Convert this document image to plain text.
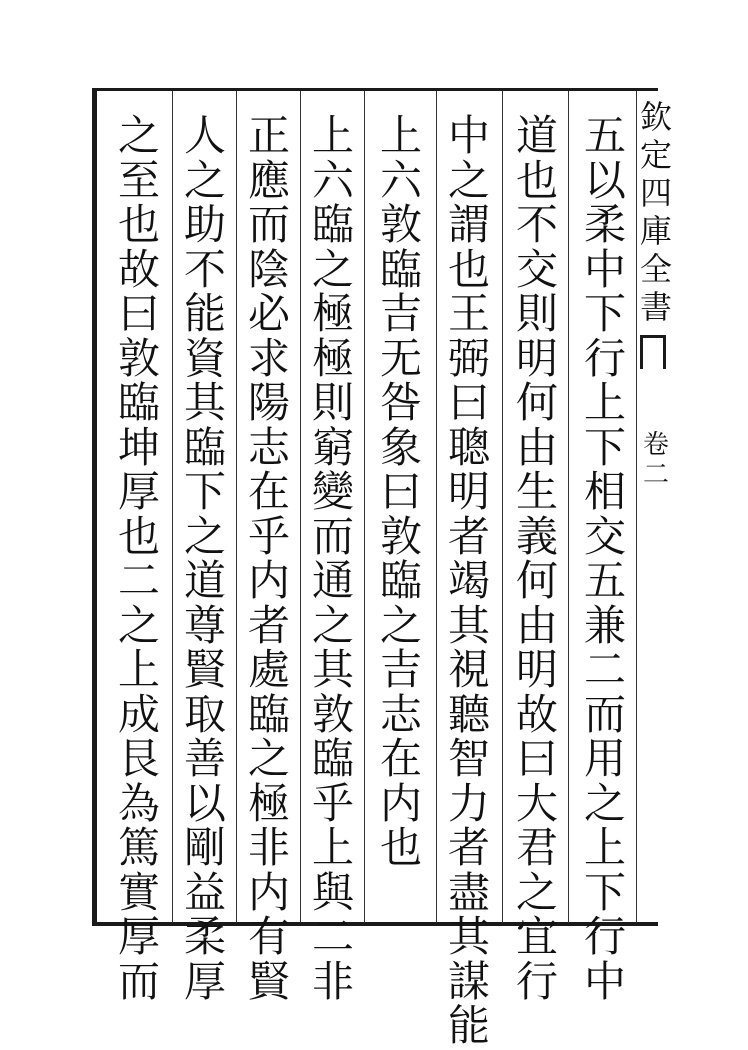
欽
定
四
庫
全
書
卷
二
五
以
柔
中
下
行
上
下
相
交
五
兼
二
而
用
之
上
下
行
中
道
也
不
交
則
明
何
由
生
義
何
由
明
故
曰
大
君
之
宜
行
中
之
謂
也
王
弼
曰
聰
明
者
竭
其
視
聽
智
力
者
盡
其
謀
能
上
六
敦
臨
吉
无
咎
象
曰
敦
臨
之
吉
志
在
内
也
上
六
臨
之
極
極
則
窮
變
而
通
之
其
敦
臨
乎
上
與
二
非
正
應
而
陰
必
求
陽
志
在
乎
内
者
處
臨
之
極
非
内
有
賢
人
之
助
不
能
資
其
臨
下
之
道
尊
賢
取
善
以
剛
益
柔
厚
之
至
也
故
曰
敦
臨
坤
厚
也
二
之
上
成
艮
為
篤
實
厚
而
